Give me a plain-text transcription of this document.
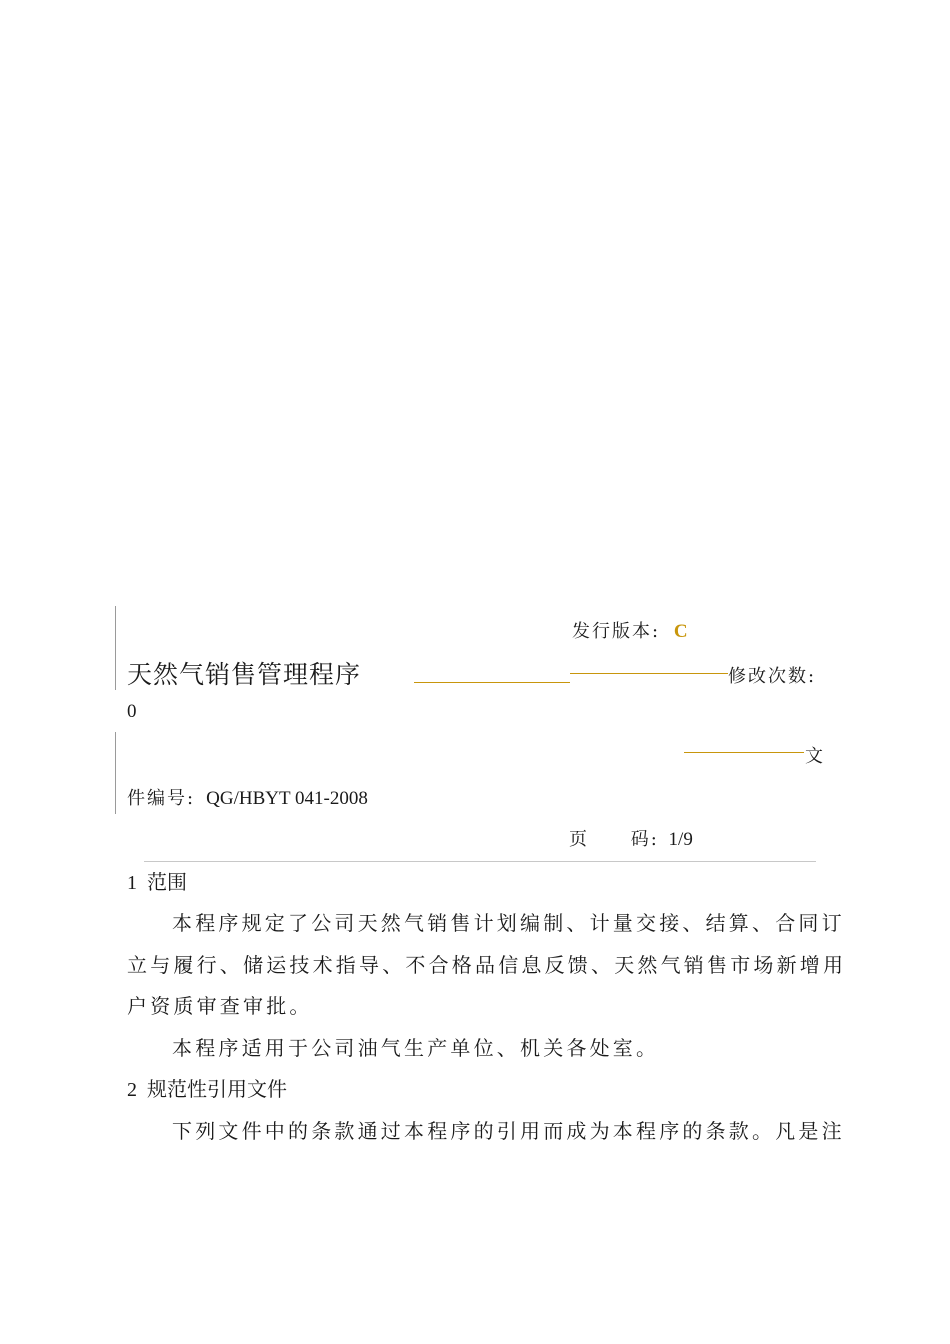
发行版本: C
天然气销售管理程序	修改次数:
0
文
件编号: QG/HBYT 041-2008
页 码: 1/9
1 范围
本程序规定了公司天然气销售计划编制、计量交接、结算、合同订
立与履行、储运技术指导、不合格品信息反馈、天然气销售市场新增用
户资质审查审批。
本程序适用于公司油气生产单位、机关各处室。
2 规范性引用文件
下列文件中的条款通过本程序的引用而成为本程序的条款。凡是注
